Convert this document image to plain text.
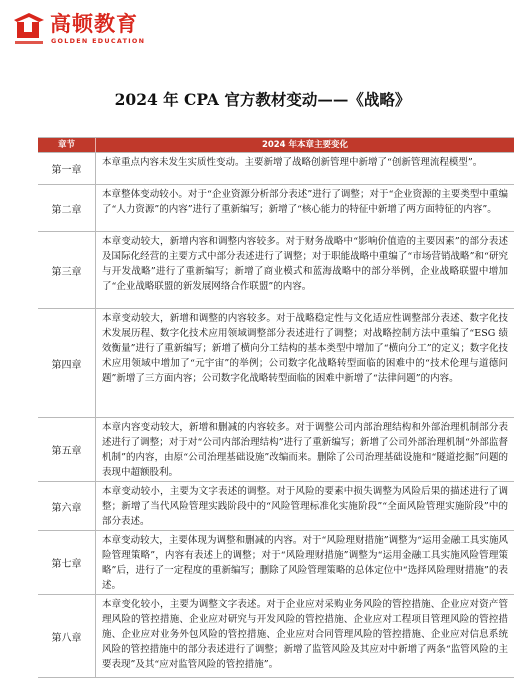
高顿教育
GOLDEN EDUCATION
2024 年 CPA 官方教材变动——《战略》
章节	2024 年本章主要变化
第一章
本章重点内容未发生实质性变动。主要新增了战略创新管理中新增了“创新管理流程模型”。
第二章
本章整体变动较小。对于“企业资源分析部分表述”进行了调整；对于“企业资源的主要类型中重编了“人力资源”的内容”进行了重新编写；新增了“核心能力的特征中新增了两方面特征的内容”。
第三章
本章变动较大，新增内容和调整内容较多。对于财务战略中“影响价值造的主要因素”的部分表述及国际化经营的主要方式中部分表述进行了调整；对于职能战略中重编了“市场营销战略”和“研究与开发战略”进行了重新编写；新增了商业模式和蓝海战略中的部分举例，企业战略联盟中增加了“企业战略联盟的新发展网络合作联盟”的内容。
第四章
本章变动较大，新增和调整的内容较多。对于战略稳定性与文化适应性调整部分表述、数字化技术发展历程、数字化技术应用领域调整部分表述进行了调整；对战略控制方法中重编了“ESG 绩效衡量”进行了重新编写；新增了横向分工结构的基本类型中增加了“横向分工”的定义；数字化技术应用领域中增加了“元宇宙”的举例；公司数字化战略转型面临的困难中的“技术伦理与道德问题”新增了三方面内容；公司数字化战略转型面临的困难中新增了“法律问题”的内容。
第五章
本章内容变动较大，新增和删减的内容较多。对于调整公司内部治理结构和外部治理机制部分表述进行了调整；对于对“公司内部治理结构”进行了重新编写；新增了公司外部治理机制“外部监督机制”的内容，由原“公司治理基础设施”改编而来。删除了公司治理基础设施和“隧道挖掘”问题的表现中超额股利。
第六章
本章变动较小，主要为文字表述的调整。对于风险的要素中损失调整为风险后果的描述进行了调整；新增了当代风险管理实践阶段中的“风险管理标准化实施阶段”“全面风险管理实施阶段”中的部分表述。
第七章
本章变动较大，主要体现为调整和删减的内容。对于“风险理财措施”调整为“运用金融工具实施风险管理策略”，内容有表述上的调整；对于“风险理财措施”调整为“运用金融工具实施风险管理策略”后，进行了一定程度的重新编写；删除了风险管理策略的总体定位中“选择风险理财措施”的表述。
第八章
本章变化较小，主要为调整文字表述。对于企业应对采购业务风险的管控措施、企业应对资产管理风险的管控措施、企业应对研究与开发风险的管控措施、企业应对工程项目管理风险的管控措施、企业应对业务外包风险的管控措施、企业应对合同管理风险的管控措施、企业应对信息系统风险的管控措施中的部分表述进行了调整；新增了监管风险及其应对中新增了两条“监管风险的主要表现”及其“应对监管风险的管控措施”。
